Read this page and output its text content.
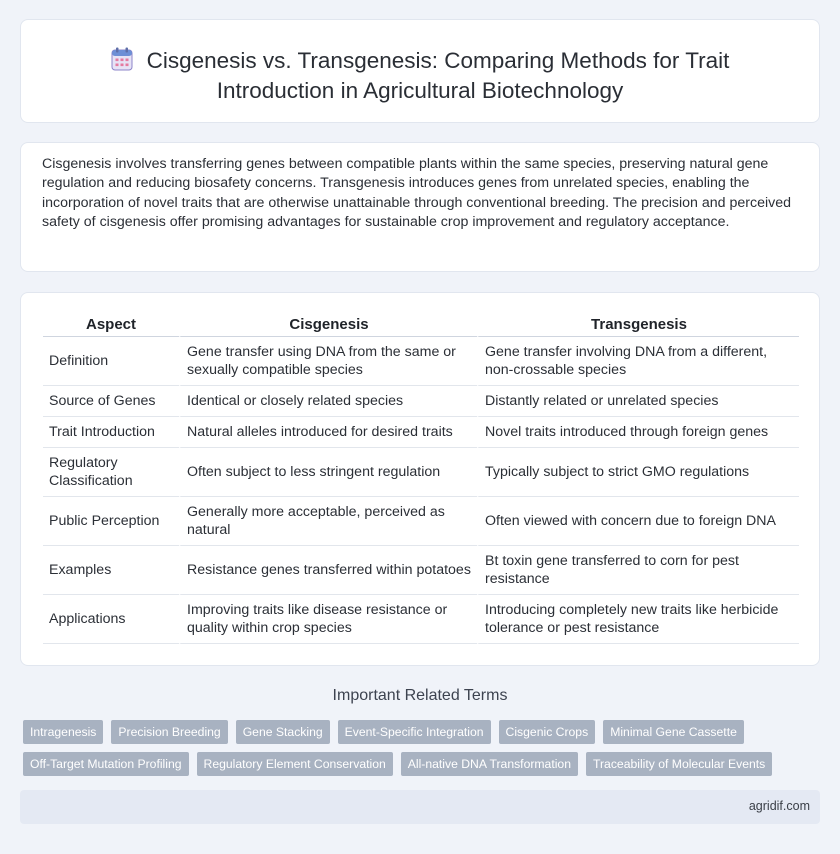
Cisgenesis vs. Transgenesis: Comparing Methods for Trait Introduction in Agricultural Biotechnology

Cisgenesis involves transferring genes between compatible plants within the same species, preserving natural gene regulation and reducing biosafety concerns. Transgenesis introduces genes from unrelated species, enabling the incorporation of novel traits that are otherwise unattainable through conventional breeding. The precision and perceived safety of cisgenesis offer promising advantages for sustainable crop improvement and regulatory acceptance.

Aspect	Cisgenesis	Transgenesis
Definition	Gene transfer using DNA from the same or sexually compatible species	Gene transfer involving DNA from a different, non-crossable species
Source of Genes	Identical or closely related species	Distantly related or unrelated species
Trait Introduction	Natural alleles introduced for desired traits	Novel traits introduced through foreign genes
Regulatory Classification	Often subject to less stringent regulation	Typically subject to strict GMO regulations
Public Perception	Generally more acceptable, perceived as natural	Often viewed with concern due to foreign DNA
Examples	Resistance genes transferred within potatoes	Bt toxin gene transferred to corn for pest resistance
Applications	Improving traits like disease resistance or quality within crop species	Introducing completely new traits like herbicide tolerance or pest resistance
Important Related Terms
Intragenesis	Precision Breeding	Gene Stacking	Event-Specific Integration	Cisgenic Crops	Minimal Gene Cassette
Off-Target Mutation Profiling	Regulatory Element Conservation	All-native DNA Transformation	Traceability of Molecular Events
agridif.com
